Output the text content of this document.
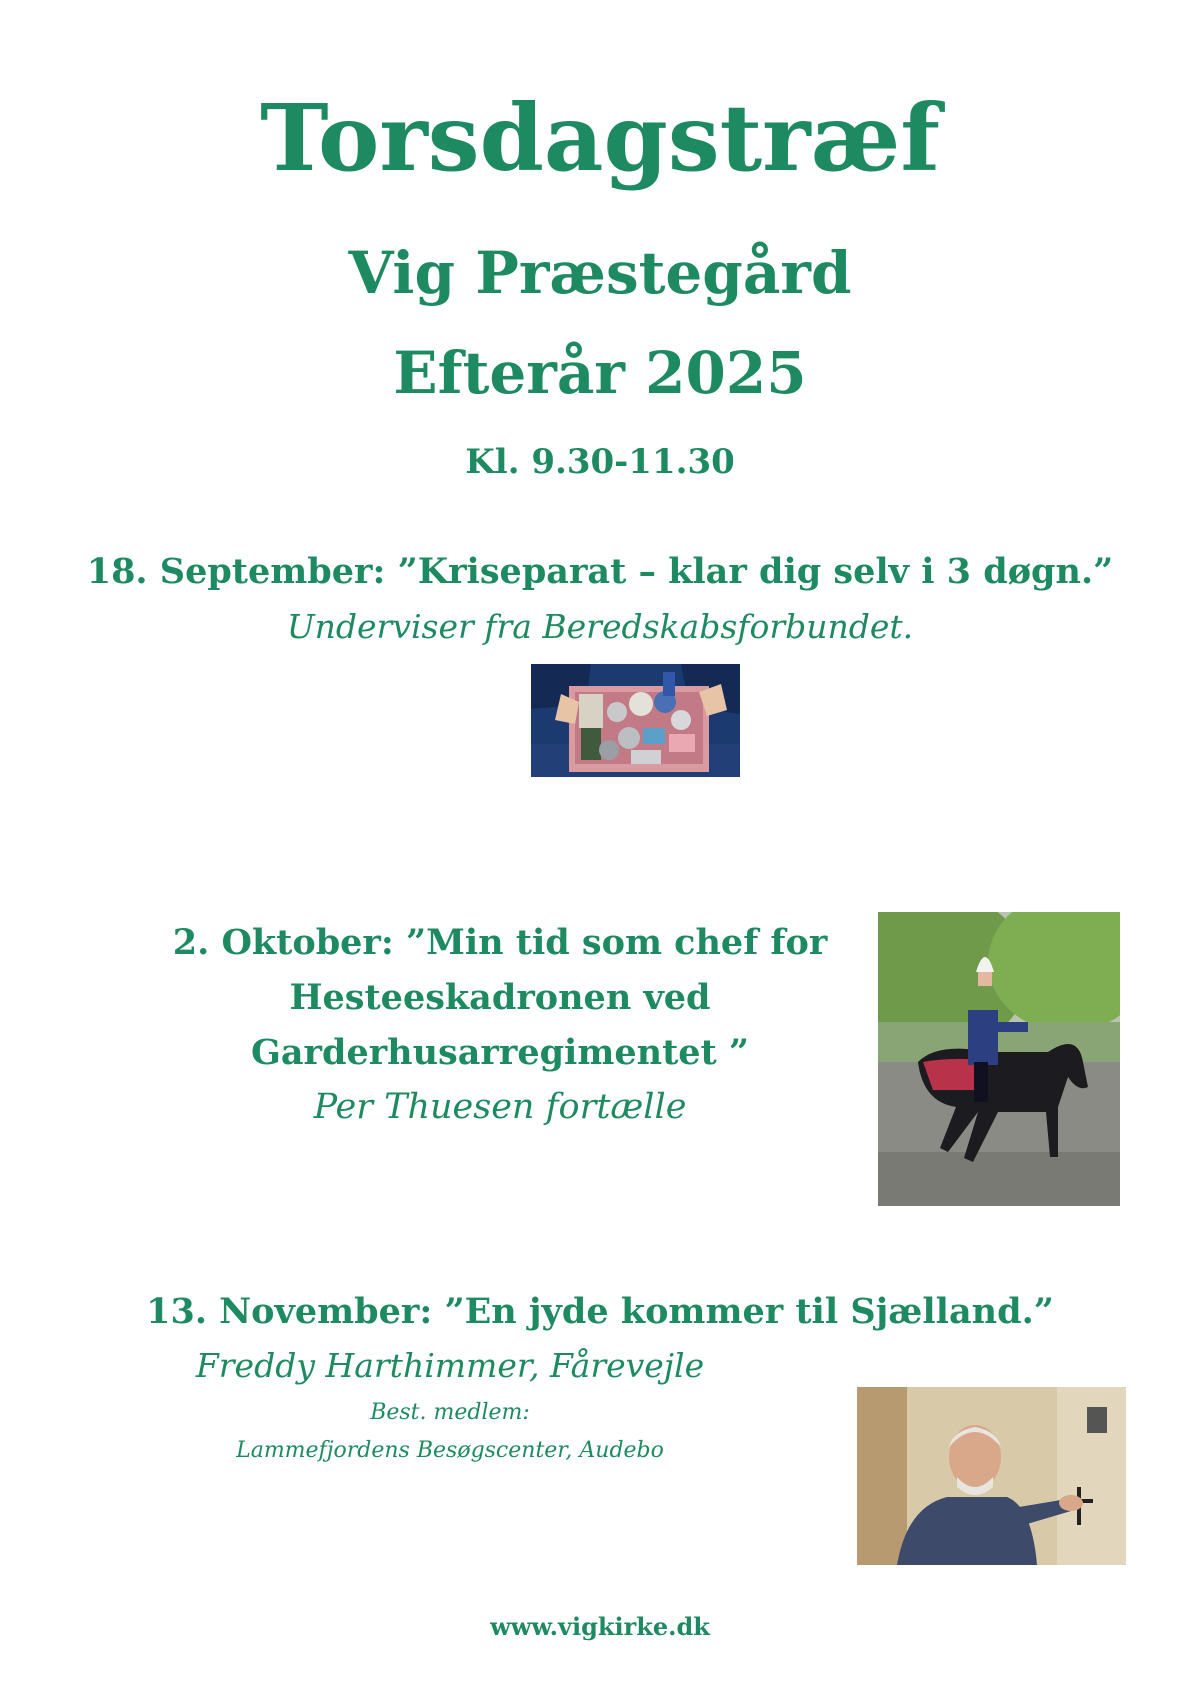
Torsdagstræf
Vig Præstegård
Efterår 2025
Kl. 9.30-11.30
18. September: ”Kriseparat – klar dig selv i 3 døgn.”
Underviser fra Beredskabsforbundet.
2. Oktober: ”Min tid som chef for
Hesteeskadronen ved
Garderhusarregimentet ”
Per Thuesen fortælle
13. November: ”En jyde kommer til Sjælland.”
Freddy Harthimmer, Fårevejle
Best. medlem:
Lammefjordens Besøgscenter, Audebo
www.vigkirke.dk
